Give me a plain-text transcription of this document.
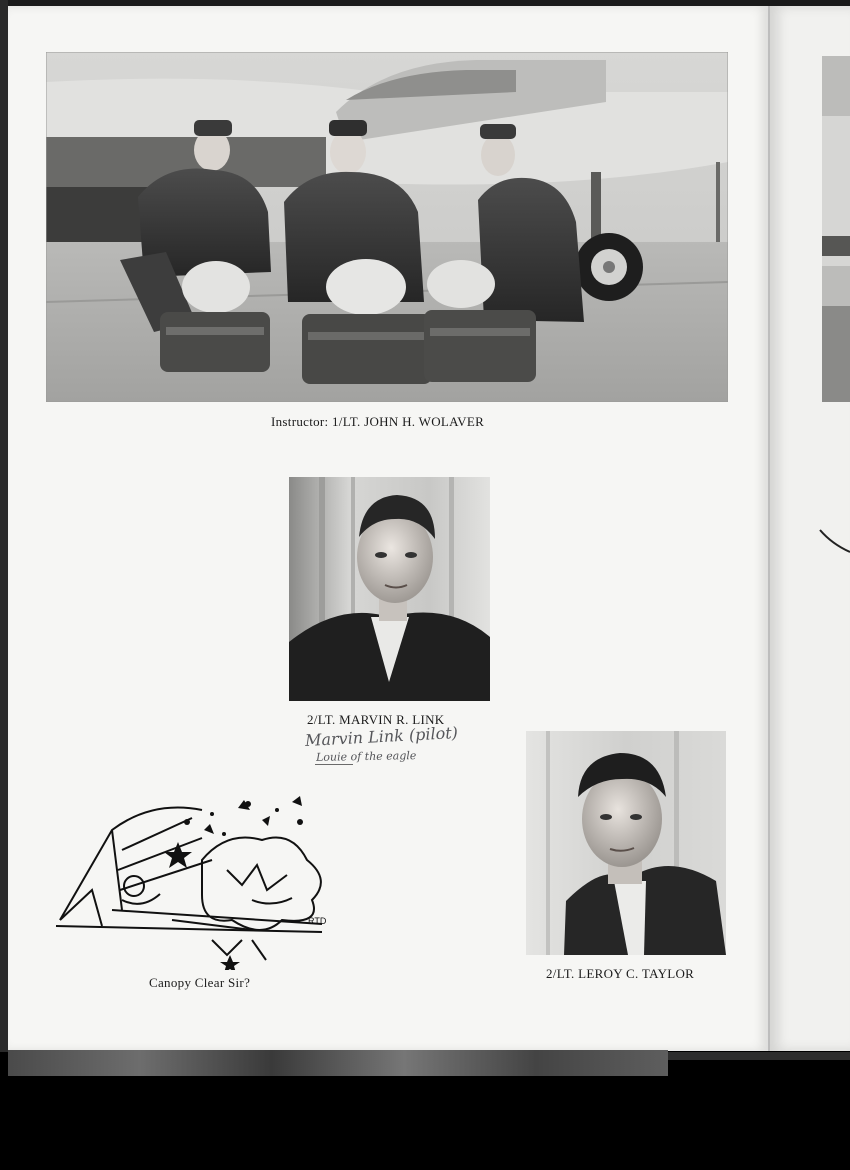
Instructor: 1/LT. JOHN H. WOLAVER
2/LT. MARVIN R. LINK
Marvin Link (pilot)
Louie of the eagle
2/LT. LEROY C. TAYLOR
RTD
Canopy Clear Sir?
